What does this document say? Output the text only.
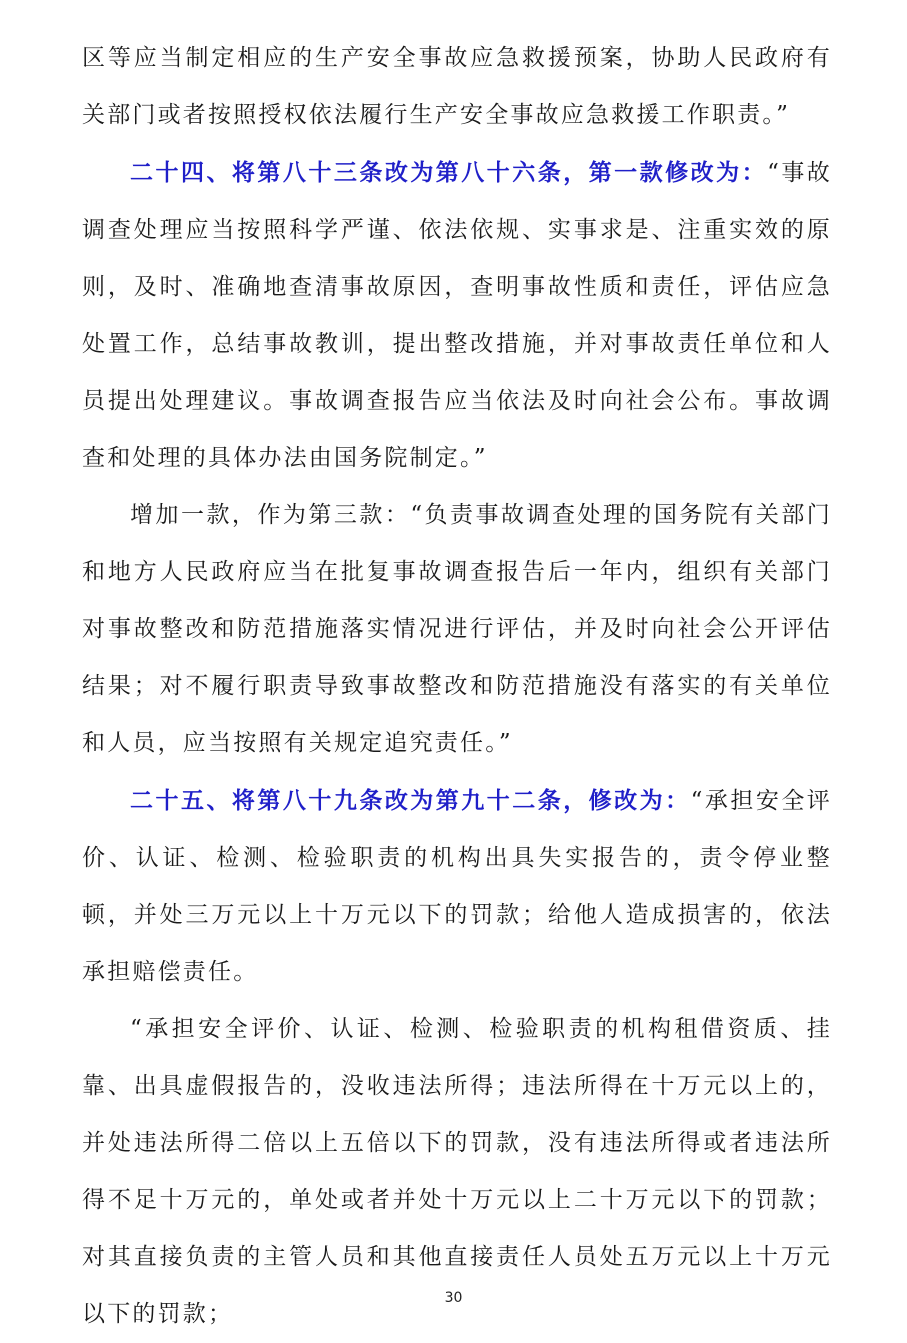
区等应当制定相应的生产安全事故应急救援预案，协助人民政府有关部门或者按照授权依法履行生产安全事故应急救援工作职责。”

二十四、将第八十三条改为第八十六条，第一款修改为：“事故调查处理应当按照科学严谨、依法依规、实事求是、注重实效的原则，及时、准确地查清事故原因，查明事故性质和责任，评估应急处置工作，总结事故教训，提出整改措施，并对事故责任单位和人员提出处理建议。事故调查报告应当依法及时向社会公布。事故调查和处理的具体办法由国务院制定。”

增加一款，作为第三款：“负责事故调查处理的国务院有关部门和地方人民政府应当在批复事故调查报告后一年内，组织有关部门对事故整改和防范措施落实情况进行评估，并及时向社会公开评估结果；对不履行职责导致事故整改和防范措施没有落实的有关单位和人员，应当按照有关规定追究责任。”

二十五、将第八十九条改为第九十二条，修改为：“承担安全评价、认证、检测、检验职责的机构出具失实报告的，责令停业整顿，并处三万元以上十万元以下的罚款；给他人造成损害的，依法承担赔偿责任。

“承担安全评价、认证、检测、检验职责的机构租借资质、挂靠、出具虚假报告的，没收违法所得；违法所得在十万元以上的，并处违法所得二倍以上五倍以下的罚款，没有违法所得或者违法所得不足十万元的，单处或者并处十万元以上二十万元以下的罚款；对其直接负责的主管人员和其他直接责任人员处五万元以上十万元以下的罚款；

30
